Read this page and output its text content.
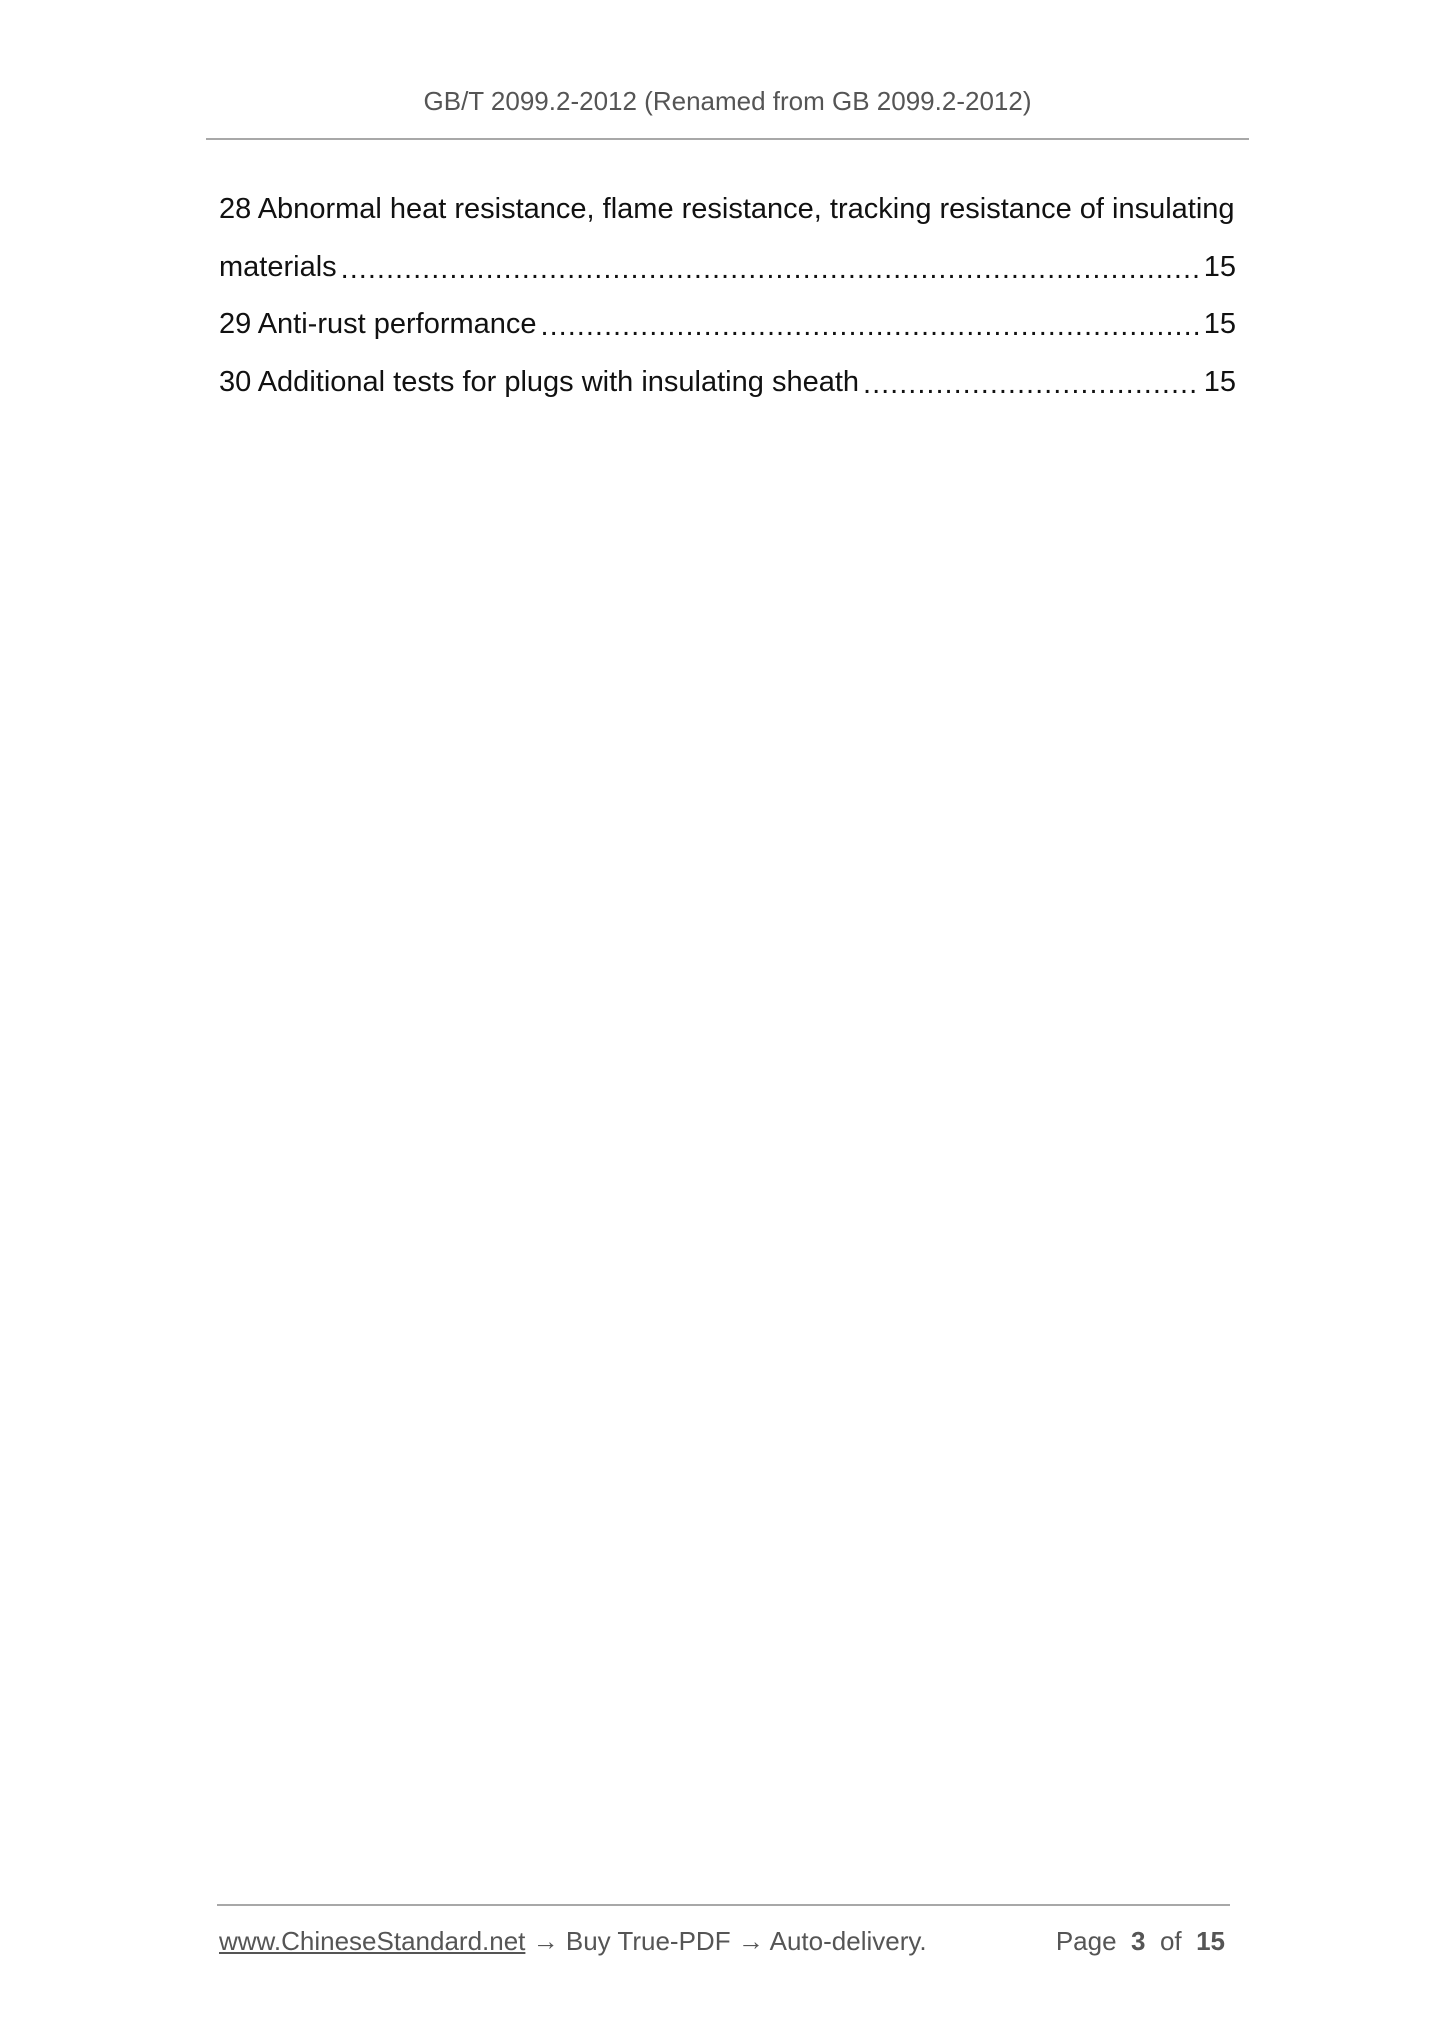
GB/T 2099.2-2012 (Renamed from GB 2099.2-2012)
28 Abnormal heat resistance, flame resistance, tracking resistance of insulating
materials .....	15
29 Anti-rust performance .....	15
30 Additional tests for plugs with insulating sheath .....	15
www.ChineseStandard.net → Buy True-PDF → Auto-delivery.	Page 3 of 15
